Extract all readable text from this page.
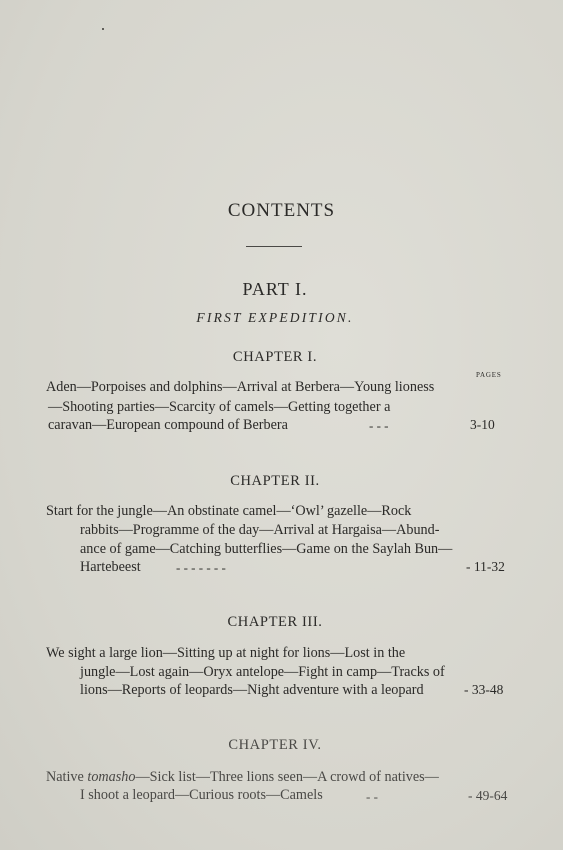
CONTENTS
PART I.
FIRST EXPEDITION.
CHAPTER I.
PAGES
Aden—Porpoises and dolphins—Arrival at Berbera—Young lioness
—Shooting parties—Scarcity of camels—Getting together a
caravan—European compound of Berbera	- - -	3-10
CHAPTER II.
Start for the jungle—An obstinate camel—‘Owl’ gazelle—Rock
rabbits—Programme of the day—Arrival at Hargaisa—Abund-
ance of game—Catching butterflies—Game on the Saylah Bun—
Hartebeest	- - - - - - -	- 11-32
CHAPTER III.
We sight a large lion—Sitting up at night for lions—Lost in the
jungle—Lost again—Oryx antelope—Fight in camp—Tracks of
lions—Reports of leopards—Night adventure with a leopard	- 33-48
CHAPTER IV.
Native tomasho—Sick list—Three lions seen—A crowd of natives—
I shoot a leopard—Curious roots—Camels	- -	- 49-64
